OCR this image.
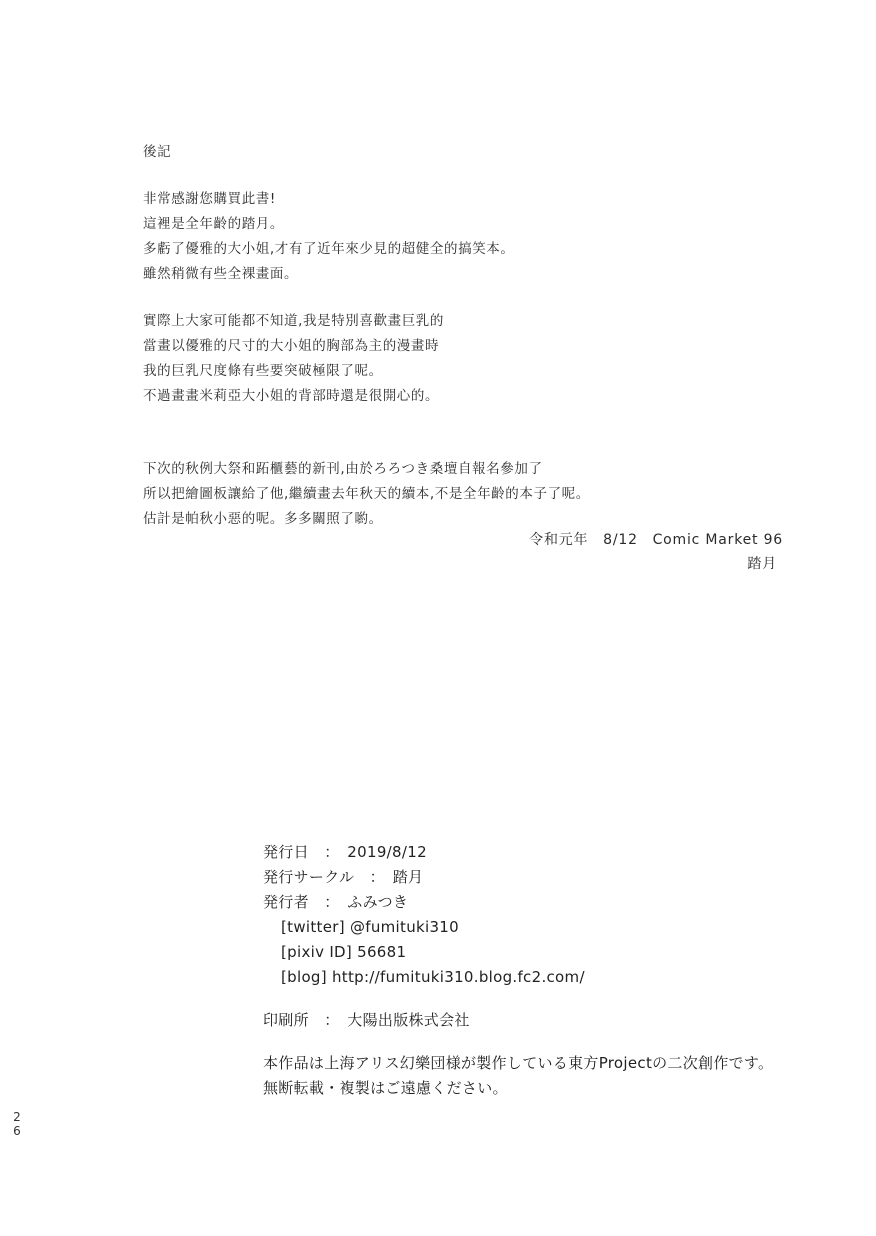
後記
非常感謝您購買此書!
這裡是全年齡的踏月。
多虧了優雅的大小姐,才有了近年來少見的超健全的搞笑本。
雖然稍微有些全裸畫面。
實際上大家可能都不知道,我是特別喜歡畫巨乳的
當畫以優雅的尺寸的大小姐的胸部為主的漫畫時
我的巨乳尺度條有些要突破極限了呢。
不過畫畫米莉亞大小姐的背部時還是很開心的。
下次的秋例大祭和跖櫃藝的新刊,由於ろろつき桑壇自報名參加了
所以把繪圖板讓給了他,繼續畫去年秋天的續本,不是全年齡的本子了呢。
估計是帕秋小惡的呢。多多關照了喲。
令和元年　8/12　Comic Market 96
踏月
発行日　：　2019/8/12
発行サークル　：　踏月
発行者　：　ふみつき
[twitter] @fumituki310
[pixiv ID] 56681
[blog] http://fumituki310.blog.fc2.com/
印刷所　：　大陽出版株式会社
本作品は上海アリス幻樂団様が製作している東方Projectの二次創作です。
無断転載・複製はご遠慮ください。
2
6
